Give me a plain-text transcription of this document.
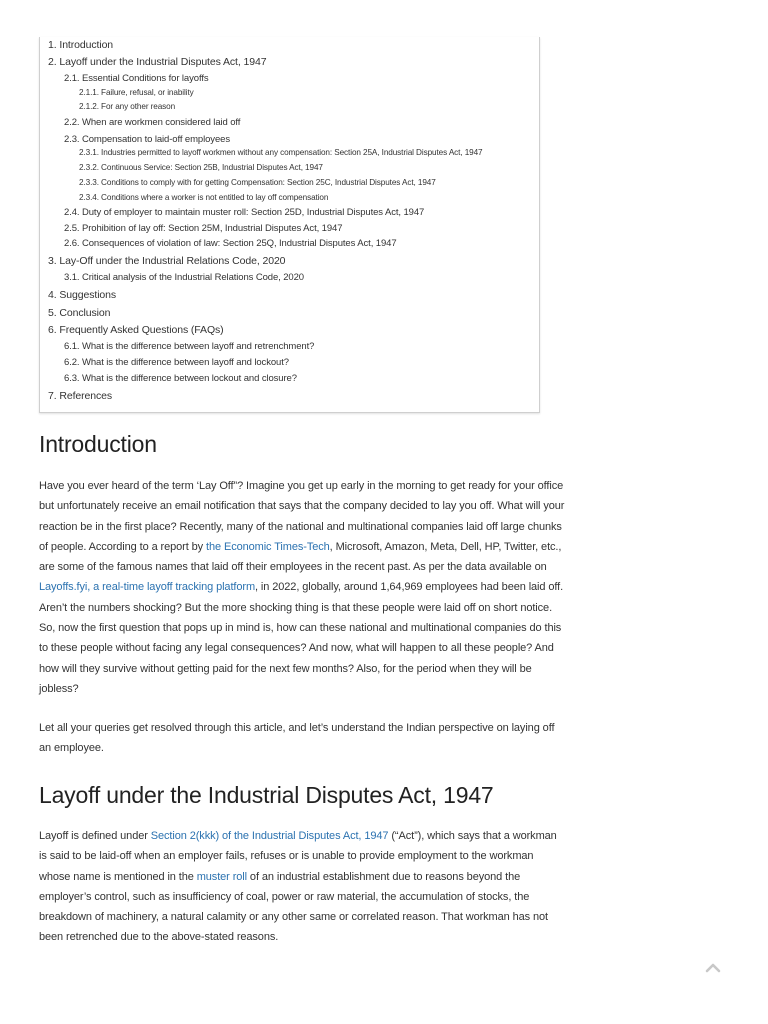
1. Introduction
2. Layoff under the Industrial Disputes Act, 1947
2.1. Essential Conditions for layoffs
2.1.1. Failure, refusal, or inability
2.1.2. For any other reason
2.2. When are workmen considered laid off
2.3. Compensation to laid-off employees
2.3.1. Industries permitted to layoff workmen without any compensation: Section 25A, Industrial Disputes Act, 1947
2.3.2. Continuous Service: Section 25B, Industrial Disputes Act, 1947
2.3.3. Conditions to comply with for getting Compensation: Section 25C, Industrial Disputes Act, 1947
2.3.4. Conditions where a worker is not entitled to lay off compensation
2.4. Duty of employer to maintain muster roll: Section 25D, Industrial Disputes Act, 1947
2.5. Prohibition of lay off: Section 25M, Industrial Disputes Act, 1947
2.6. Consequences of violation of law: Section 25Q, Industrial Disputes Act, 1947
3. Lay-Off under the Industrial Relations Code, 2020
3.1. Critical analysis of the Industrial Relations Code, 2020
4. Suggestions
5. Conclusion
6. Frequently Asked Questions (FAQs)
6.1. What is the difference between layoff and retrenchment?
6.2. What is the difference between layoff and lockout?
6.3. What is the difference between lockout and closure?
7. References
Introduction

Have you ever heard of the term ‘Lay Off”? Imagine you get up early in the morning to get ready for your office but unfortunately receive an email notification that says that the company decided to lay you off. What will your reaction be in the first place? Recently, many of the national and multinational companies laid off large chunks of people. According to a report by the Economic Times-Tech, Microsoft, Amazon, Meta, Dell, HP, Twitter, etc., are some of the famous names that laid off their employees in the recent past. As per the data available on Layoffs.fyi, a real-time layoff tracking platform, in 2022, globally, around 1,64,969 employees had been laid off. Aren’t the numbers shocking? But the more shocking thing is that these people were laid off on short notice. So, now the first question that pops up in mind is, how can these national and multinational companies do this to these people without facing any legal consequences? And now, what will happen to all these people? And how will they survive without getting paid for the next few months? Also, for the period when they will be jobless?

Let all your queries get resolved through this article, and let’s understand the Indian perspective on laying off an employee.

Layoff under the Industrial Disputes Act, 1947

Layoff is defined under Section 2(kkk) of the Industrial Disputes Act, 1947 (“Act”), which says that a workman is said to be laid-off when an employer fails, refuses or is unable to provide employment to the workman whose name is mentioned in the muster roll of an industrial establishment due to reasons beyond the employer’s control, such as insufficiency of coal, power or raw material, the accumulation of stocks, the breakdown of machinery, a natural calamity or any other same or correlated reason. That workman has not been retrenched due to the above-stated reasons.
